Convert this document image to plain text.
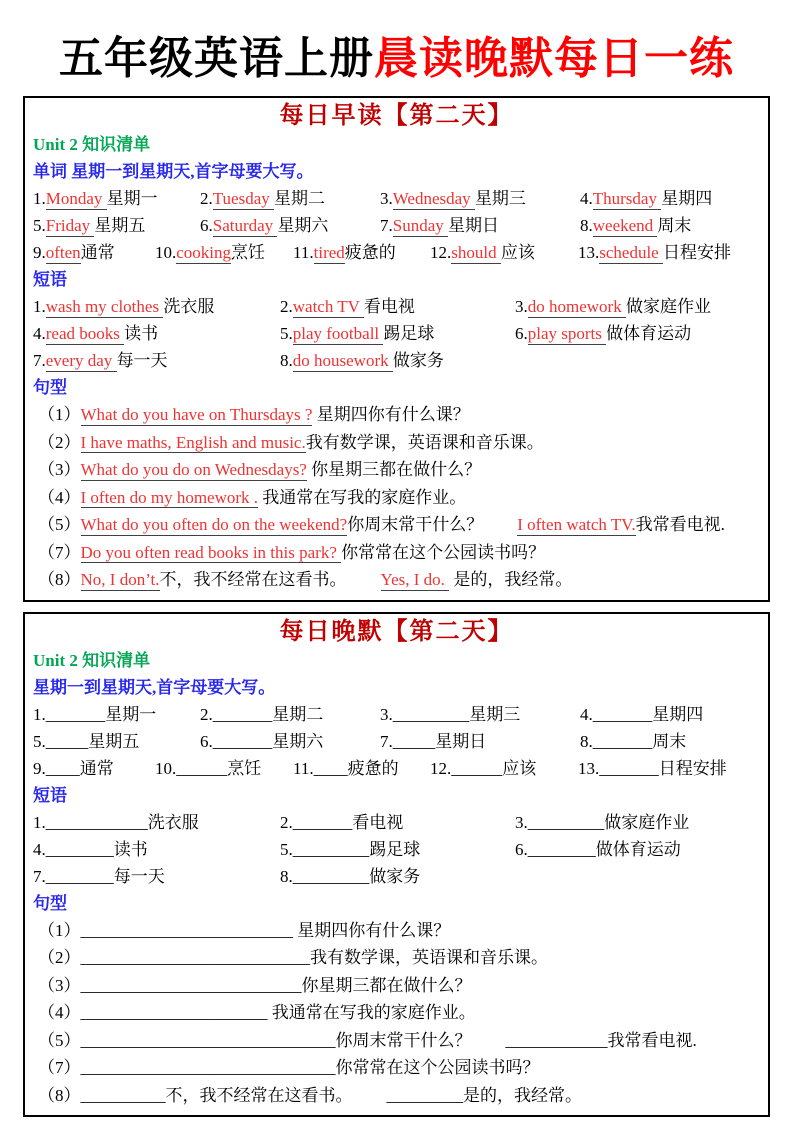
五年级英语上册晨读晚默每日一练
每日早读【第二天】
Unit 2 知识清单
单词 星期一到星期天,首字母要大写。
1.Monday 星期一 2.Tuesday 星期二	3.Wednesday 星期三	4.Thursday 星期四
5.Friday 星期五	6.Saturday 星期六	7.Sunday 星期日	8.weekend 周末
9.often通常 10.cooking烹饪 11.tired疲惫的 12.should 应该	13.schedule 日程安排
短语
1.wash my clothes 洗衣服	2.watch TV 看电视	3.do homework 做家庭作业
4.read books 读书	5.play football 踢足球	6.play sports 做体育运动
7.every day 每一天	8.do housework 做家务
句型
（1）What do you have on Thursdays ? 星期四你有什么课？
（2）I have maths, English and music.我有数学课，英语课和音乐课。
（3）What do you do on Wednesdays? 你星期三都在做什么？
（4）I often do my homework . 我通常在写我的家庭作业。
（5）What do you often do on the weekend?你周末常干什么？ I often watch TV.我常看电视.
（7）Do you often read books in this park? 你常常在这个公园读书吗？
（8）No, I don’t.不，我不经常在这看书。 Yes, I do.  是的，我经常。
每日晚默【第二天】
Unit 2 知识清单
星期一到星期天,首字母要大写。
1._______星期一	2._______星期二	3._________星期三	4._______星期四
5._____星期五	6._______星期六	7._____星期日	8._______周末
9.____通常 10.______烹饪 11.____疲惫的 12.______应该 13._______日程安排
短语
1.____________洗衣服	2._______看电视	3._________做家庭作业
4.________读书	5._________踢足球	6.________做体育运动
7.________每一天	8._________做家务
句型
（1）_________________________ 星期四你有什么课？
（2）___________________________我有数学课，英语课和音乐课。
（3）__________________________你星期三都在做什么？
（4）______________________ 我通常在写我的家庭作业。
（5）______________________________你周末常干什么？ ____________我常看电视.
（7）______________________________你常常在这个公园读书吗？
（8）__________不，我不经常在这看书。 _________是的，我经常。
